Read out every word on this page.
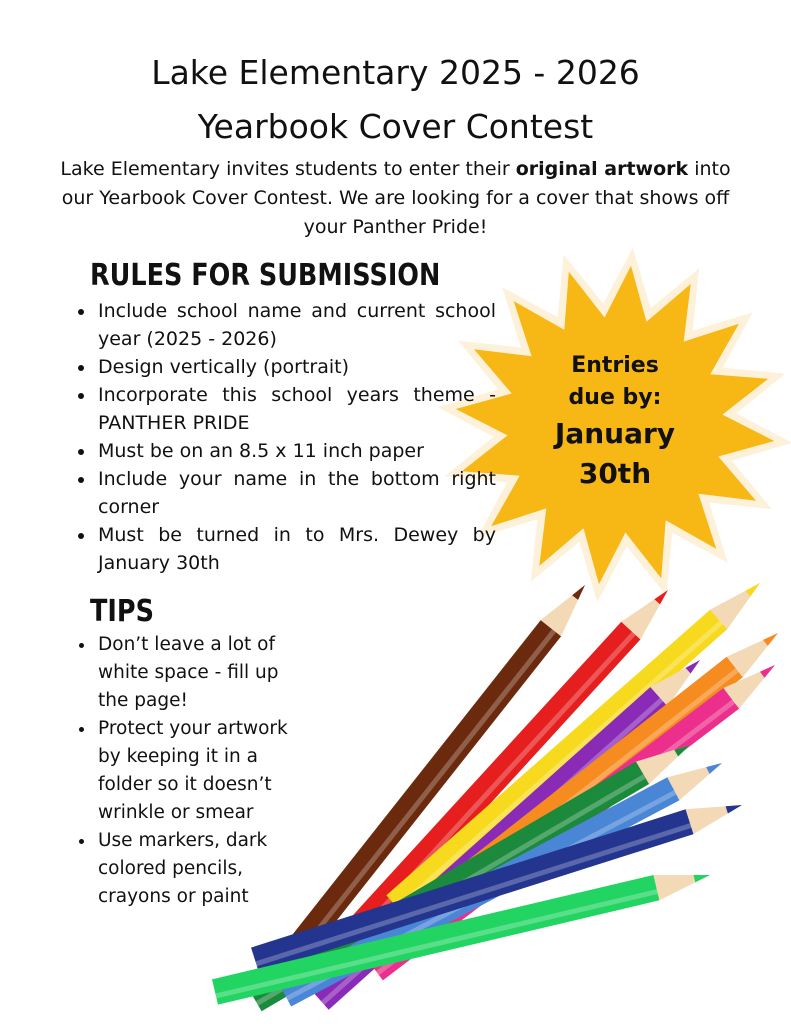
Lake Elementary 2025 - 2026
Yearbook Cover Contest
Lake Elementary invites students to enter their original artwork into our Yearbook Cover Contest. We are looking for a cover that shows off your Panther Pride!
Entries
due by:
January
30th
RULES FOR SUBMISSION
• Include school name and current school year (2025 - 2026)
• Design vertically (portrait)
• Incorporate this school years theme - PANTHER PRIDE
• Must be on an 8.5 x 11 inch paper
• Include your name in the bottom right corner
• Must be turned in to Mrs. Dewey by January 30th
TIPS
• Don’t leave a lot of white space - fill up the page!
• Protect your artwork by keeping it in a folder so it doesn’t wrinkle or smear
• Use markers, dark colored pencils, crayons or paint
